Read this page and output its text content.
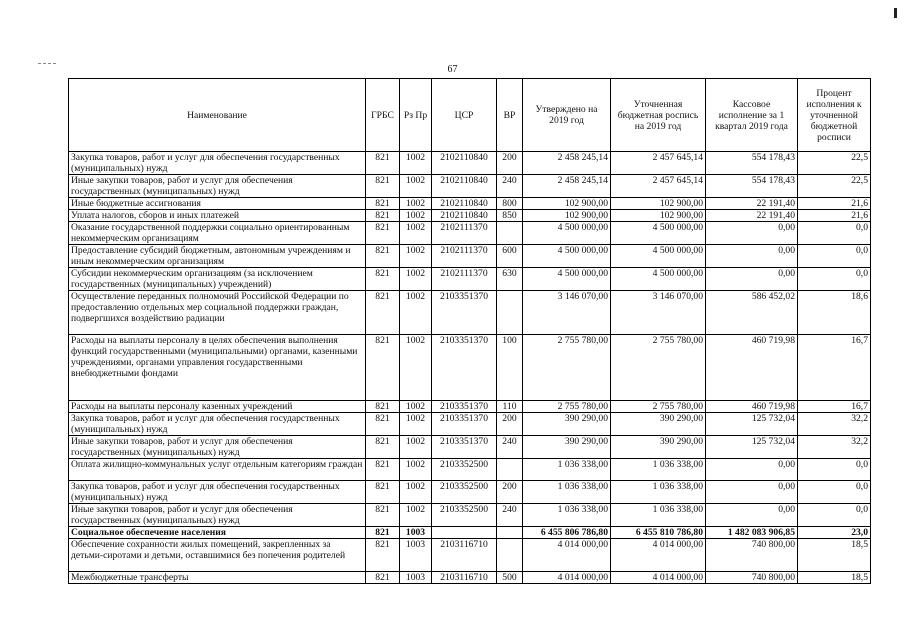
67
Наименование	ГРБС	Рз Пр	ЦСР	ВР	Утверждено на 2019 год	Уточненная бюджетная роспись на 2019 год	Кассовое исполнение за 1 квартал 2019 года	Процент исполнения к уточненной бюджетной росписи
Закупка товаров, работ и услуг для обеспечения государственных (муниципальных) нужд	821	1002	2102110840	200	2 458 245,14	2 457 645,14	554 178,43	22,5
Иные закупки товаров, работ и услуг для обеспечения государственных (муниципальных) нужд	821	1002	2102110840	240	2 458 245,14	2 457 645,14	554 178,43	22,5
Иные бюджетные ассигнования	821	1002	2102110840	800	102 900,00	102 900,00	22 191,40	21,6
Уплата налогов, сборов и иных платежей	821	1002	2102110840	850	102 900,00	102 900,00	22 191,40	21,6
Оказание государственной поддержки социально ориентированным некоммерческим организациям	821	1002	2102111370		4 500 000,00	4 500 000,00	0,00	0,0
Предоставление субсидий бюджетным, автономным учреждениям и иным некоммерческим организациям	821	1002	2102111370	600	4 500 000,00	4 500 000,00	0,00	0,0
Субсидии некоммерческим организациям (за исключением государственных (муниципальных) учреждений)	821	1002	2102111370	630	4 500 000,00	4 500 000,00	0,00	0,0
Осуществление переданных полномочий Российской Федерации по предоставлению отдельных мер социальной поддержки граждан, подвергшихся воздействию радиации	821	1002	2103351370		3 146 070,00	3 146 070,00	586 452,02	18,6
Расходы на выплаты персоналу в целях обеспечения выполнения функций государственными (муниципальными) органами, казенными учреждениями, органами управления государственными внебюджетными фондами	821	1002	2103351370	100	2 755 780,00	2 755 780,00	460 719,98	16,7
Расходы на выплаты персоналу казенных учреждений	821	1002	2103351370	110	2 755 780,00	2 755 780,00	460 719,98	16,7
Закупка товаров, работ и услуг для обеспечения государственных (муниципальных) нужд	821	1002	2103351370	200	390 290,00	390 290,00	125 732,04	32,2
Иные закупки товаров, работ и услуг для обеспечения государственных (муниципальных) нужд	821	1002	2103351370	240	390 290,00	390 290,00	125 732,04	32,2
Оплата жилищно-коммунальных услуг отдельным категориям граждан	821	1002	2103352500		1 036 338,00	1 036 338,00	0,00	0,0
Закупка товаров, работ и услуг для обеспечения государственных (муниципальных) нужд	821	1002	2103352500	200	1 036 338,00	1 036 338,00	0,00	0,0
Иные закупки товаров, работ и услуг для обеспечения государственных (муниципальных) нужд	821	1002	2103352500	240	1 036 338,00	1 036 338,00	0,00	0,0
Социальное обеспечение населения	821	1003			6 455 806 786,80	6 455 810 786,80	1 482 083 906,85	23,0
Обеспечение сохранности жилых помещений, закрепленных за детьми-сиротами и детьми, оставшимися без попечения родителей	821	1003	2103116710		4 014 000,00	4 014 000,00	740 800,00	18,5
Межбюджетные трансферты	821	1003	2103116710	500	4 014 000,00	4 014 000,00	740 800,00	18,5
